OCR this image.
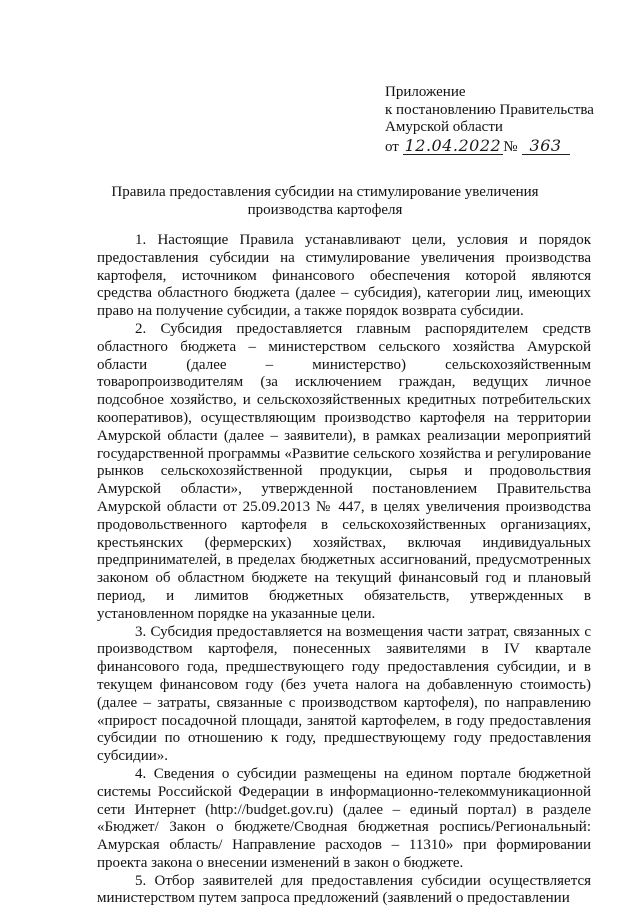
Приложение
к постановлению Правительства
Амурской области
от 12.04.2022 № 363
Правила предоставления субсидии на стимулирование увеличения
производства картофеля

1. Настоящие Правила устанавливают цели, условия и порядок предоставления субсидии на стимулирование увеличения производства картофеля, источником финансового обеспечения которой являются средства областного бюджета (далее – субсидия), категории лиц, имеющих право на получение субсидии, а также порядок возврата субсидии.

2. Субсидия предоставляется главным распорядителем средств областного бюджета – министерством сельского хозяйства Амурской области (далее – министерство) сельскохозяйственным товаропроизводителям (за исключением граждан, ведущих личное подсобное хозяйство, и сельскохозяйственных кредитных потребительских кооперативов), осуществляющим производство картофеля на территории Амурской области (далее – заявители), в рамках реализации мероприятий государственной программы «Развитие сельского хозяйства и регулирование рынков сельскохозяйственной продукции, сырья и продовольствия Амурской области», утвержденной постановлением Правительства Амурской области от 25.09.2013 № 447, в целях увеличения производства продовольственного картофеля в сельскохозяйственных организациях, крестьянских (фермерских) хозяйствах, включая индивидуальных предпринимателей, в пределах бюджетных ассигнований, предусмотренных законом об областном бюджете на текущий финансовый год и плановый период, и лимитов бюджетных обязательств, утвержденных в установленном порядке на указанные цели.

3. Субсидия предоставляется на возмещения части затрат, связанных с производством картофеля, понесенных заявителями в IV квартале финансового года, предшествующего году предоставления субсидии, и в текущем финансовом году (без учета налога на добавленную стоимость) (далее – затраты, связанные с производством картофеля), по направлению «прирост посадочной площади, занятой картофелем, в году предоставления субсидии по отношению к году, предшествующему году предоставления субсидии».

4. Сведения о субсидии размещены на едином портале бюджетной системы Российской Федерации в информационно-телекоммуникационной сети Интернет (http://budget.gov.ru) (далее – единый портал) в разделе «Бюджет/ Закон о бюджете/Сводная бюджетная роспись/Региональный: Амурская область/ Направление расходов – 11310» при формировании проекта закона о внесении изменений в закон о бюджете.

5. Отбор заявителей для предоставления субсидии осуществляется министерством путем запроса предложений (заявлений о предоставлении
